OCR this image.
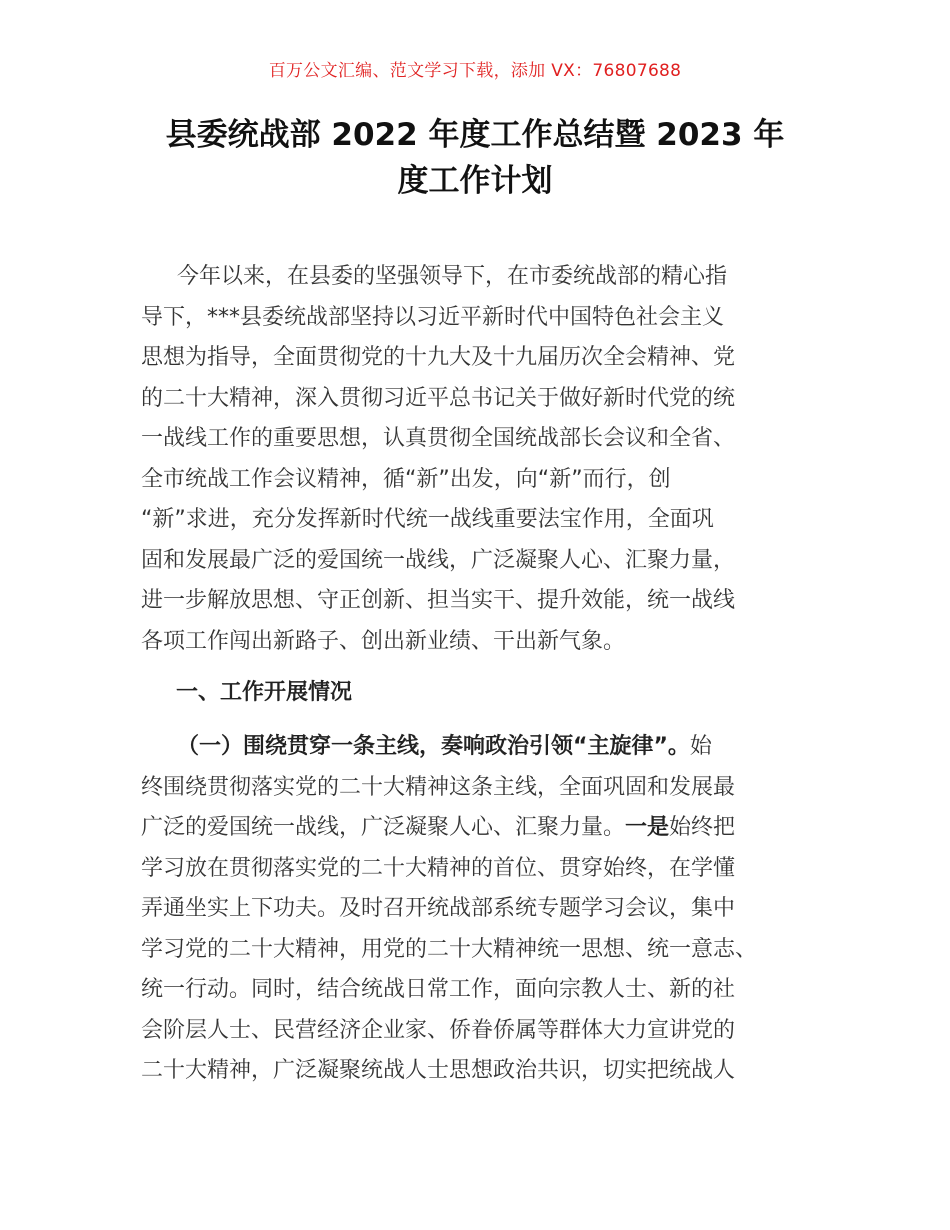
百万公文汇编、范文学习下载，添加 VX：76807688
县委统战部 2022 年度工作总结暨 2023 年
度工作计划
今年以来，在县委的坚强领导下，在市委统战部的精心指
导下，***县委统战部坚持以习近平新时代中国特色社会主义
思想为指导，全面贯彻党的十九大及十九届历次全会精神、党
的二十大精神，深入贯彻习近平总书记关于做好新时代党的统
一战线工作的重要思想，认真贯彻全国统战部长会议和全省、
全市统战工作会议精神，循“新”出发，向“新”而行，创
“新”求进，充分发挥新时代统一战线重要法宝作用，全面巩
固和发展最广泛的爱国统一战线，广泛凝聚人心、汇聚力量，
进一步解放思想、守正创新、担当实干、提升效能，统一战线
各项工作闯出新路子、创出新业绩、干出新气象。
一、工作开展情况
（一）围绕贯穿一条主线，奏响政治引领“主旋律”。始
终围绕贯彻落实党的二十大精神这条主线，全面巩固和发展最
广泛的爱国统一战线，广泛凝聚人心、汇聚力量。一是始终把
学习放在贯彻落实党的二十大精神的首位、贯穿始终，在学懂
弄通坐实上下功夫。及时召开统战部系统专题学习会议，集中
学习党的二十大精神，用党的二十大精神统一思想、统一意志、
统一行动。同时，结合统战日常工作，面向宗教人士、新的社
会阶层人士、民营经济企业家、侨眷侨属等群体大力宣讲党的
二十大精神，广泛凝聚统战人士思想政治共识，切实把统战人
